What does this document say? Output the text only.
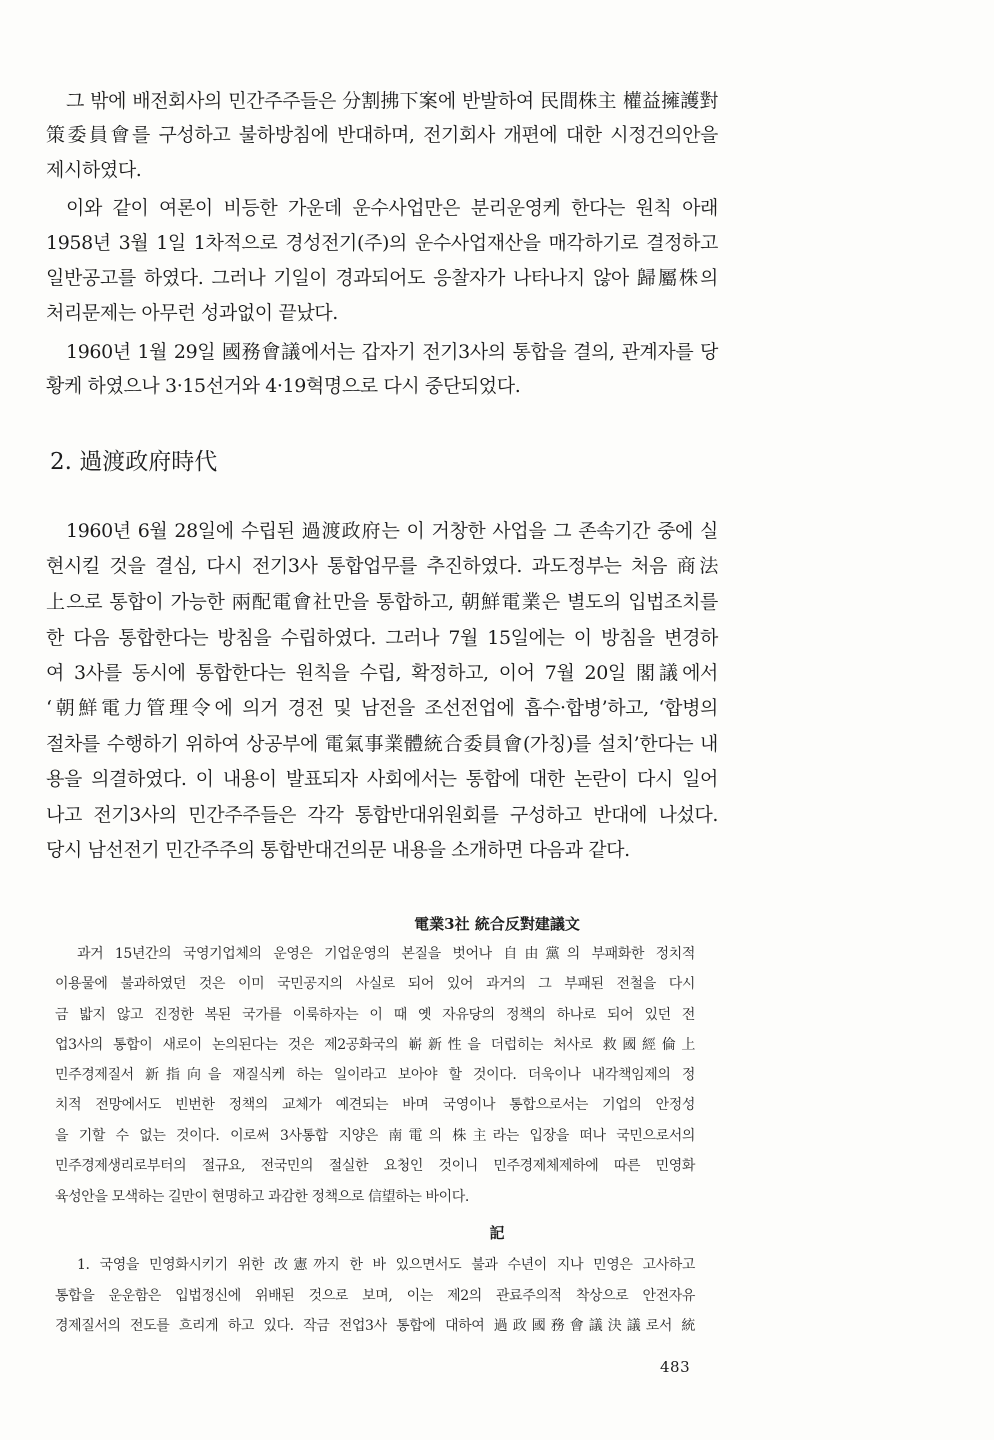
그 밖에 배전회사의 민간주주들은 分割拂下案에 반발하여 民間株主 權益擁護對
策委員會를 구성하고 불하방침에 반대하며, 전기회사 개편에 대한 시정건의안을
제시하였다.
이와 같이 여론이 비등한 가운데 운수사업만은 분리운영케 한다는 원칙 아래
1958년 3월 1일 1차적으로 경성전기(주)의 운수사업재산을 매각하기로 결정하고
일반공고를 하였다. 그러나 기일이 경과되어도 응찰자가 나타나지 않아 歸屬株의
처리문제는 아무런 성과없이 끝났다.
1960년 1월 29일 國務會議에서는 갑자기 전기3사의 통합을 결의, 관계자를 당
황케 하였으나 3·15선거와 4·19혁명으로 다시 중단되었다.
2. 過渡政府時代
1960년 6월 28일에 수립된 過渡政府는 이 거창한 사업을 그 존속기간 중에 실
현시킬 것을 결심, 다시 전기3사 통합업무를 추진하였다. 과도정부는 처음 商法
上으로 통합이 가능한 兩配電會社만을 통합하고, 朝鮮電業은 별도의 입법조치를
한 다음 통합한다는 방침을 수립하였다. 그러나 7월 15일에는 이 방침을 변경하
여 3사를 동시에 통합한다는 원칙을 수립, 확정하고, 이어 7월 20일 閣議에서
‘朝鮮電力管理令에 의거 경전 및 남전을 조선전업에 흡수·합병’하고, ‘합병의
절차를 수행하기 위하여 상공부에 電氣事業體統合委員會(가칭)를 설치’한다는 내
용을 의결하였다. 이 내용이 발표되자 사회에서는 통합에 대한 논란이 다시 일어
나고 전기3사의 민간주주들은 각각 통합반대위원회를 구성하고 반대에 나섰다.
당시 남선전기 민간주주의 통합반대건의문 내용을 소개하면 다음과 같다.
電業3社 統合反對建議文
과거 15년간의 국영기업체의 운영은 기업운영의 본질을 벗어나 自由黨의 부패화한 정치적
이용물에 불과하였던 것은 이미 국민공지의 사실로 되어 있어 과거의 그 부패된 전철을 다시
금 밟지 않고 진정한 복된 국가를 이룩하자는 이 때 옛 자유당의 정책의 하나로 되어 있던 전
업3사의 통합이 새로이 논의된다는 것은 제2공화국의 嶄新性을 더럽히는 처사로 救國經倫上
민주경제질서 新指向을 재질식케 하는 일이라고 보아야 할 것이다. 더욱이나 내각책임제의 정
치적 전망에서도 빈번한 정책의 교체가 예견되는 바며 국영이나 통합으로서는 기업의 안정성
을 기할 수 없는 것이다. 이로써 3사통합 지양은 南電의 株主라는 입장을 떠나 국민으로서의
민주경제생리로부터의 절규요, 전국민의 절실한 요청인 것이니 민주경제체제하에 따른 민영화
육성안을 모색하는 길만이 현명하고 과감한 정책으로 信望하는 바이다.
記
1. 국영을 민영화시키기 위한 改憲까지 한 바 있으면서도 불과 수년이 지나 민영은 고사하고
통합을 운운함은 입법정신에 위배된 것으로 보며, 이는 제2의 관료주의적 착상으로 안전자유
경제질서의 전도를 흐리게 하고 있다. 작금 전업3사 통합에 대하여 過政國務會議決議로서 統
483
